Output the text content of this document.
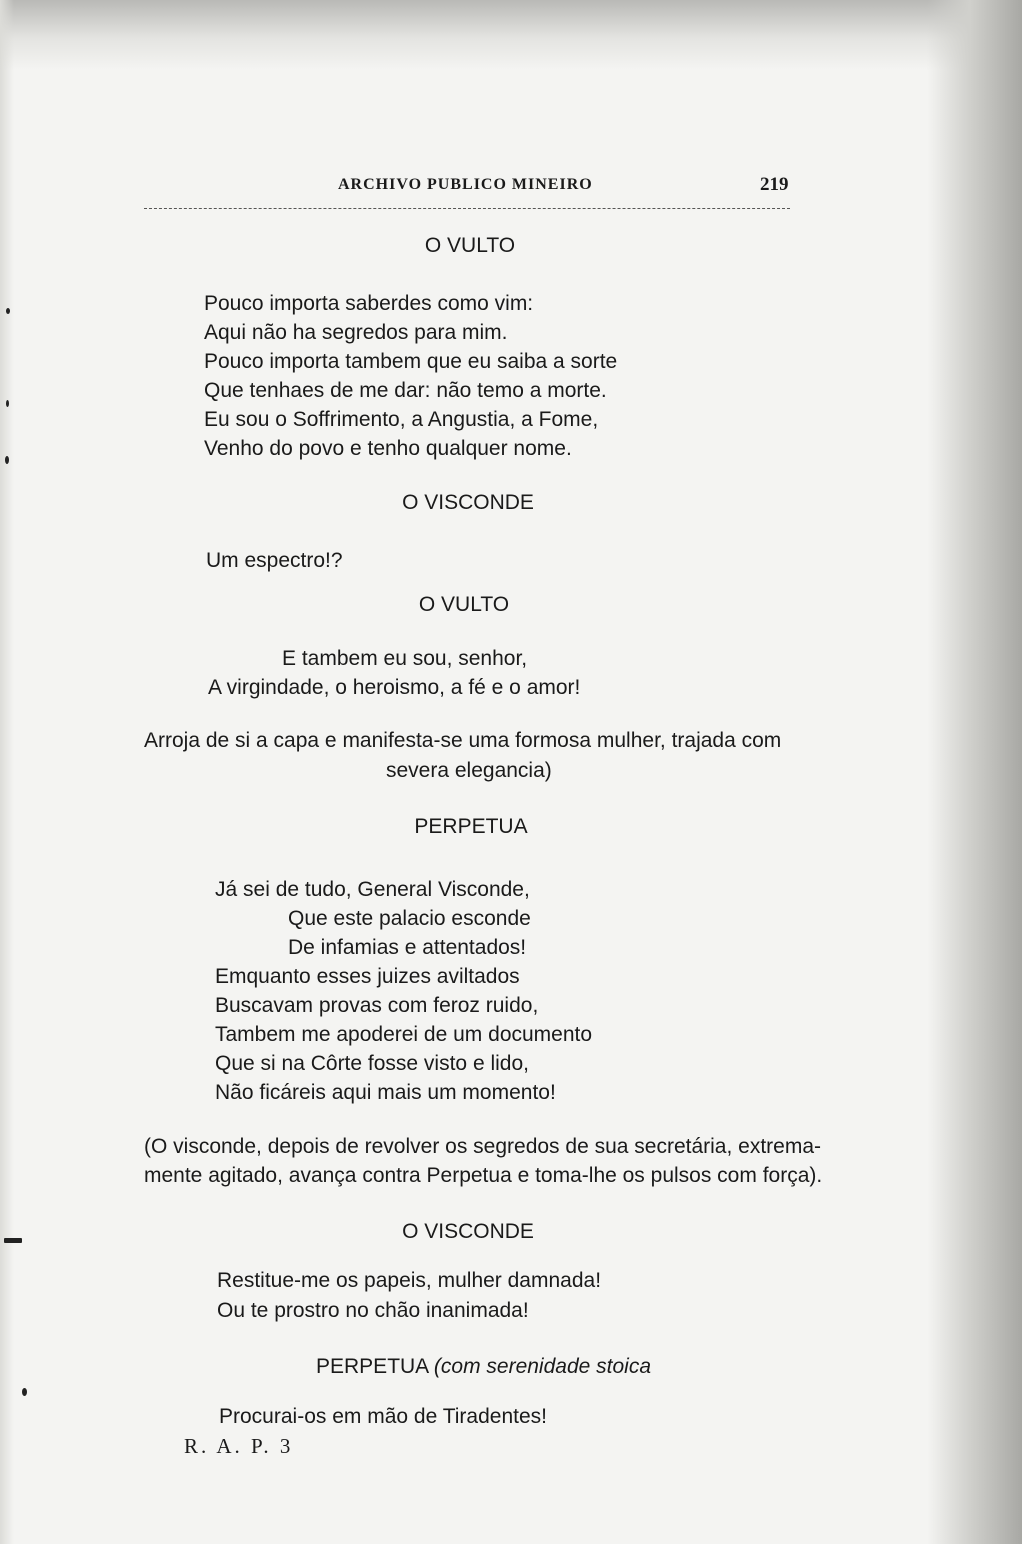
ARCHIVO PUBLICO MINEIRO	219
O VULTO
Pouco importa saberdes como vim:
Aqui não ha segredos para mim.
Pouco importa tambem que eu saiba a sorte
Que tenhaes de me dar: não temo a morte.
Eu sou o Soffrimento, a Angustia, a Fome,
Venho do povo e tenho qualquer nome.
O VISCONDE
Um espectro!?
O VULTO
E tambem eu sou, senhor,
A virgindade, o heroismo, a fé e o amor!
Arroja de si a capa e manifesta-se uma formosa mulher, trajada com
severa elegancia)
PERPETUA
Já sei de tudo, General Visconde,
Que este palacio esconde
De infamias e attentados!
Emquanto esses juizes aviltados
Buscavam provas com feroz ruido,
Tambem me apoderei de um documento
Que si na Côrte fosse visto e lido,
Não ficáreis aqui mais um momento!
(O visconde, depois de revolver os segredos de sua secretária, extrema-
mente agitado, avança contra Perpetua e toma-lhe os pulsos com força).
O VISCONDE
Restitue-me os papeis, mulher damnada!
Ou te prostro no chão inanimada!
PERPETUA (com serenidade stoica
Procurai-os em mão de Tiradentes!
R. A. P. 3
